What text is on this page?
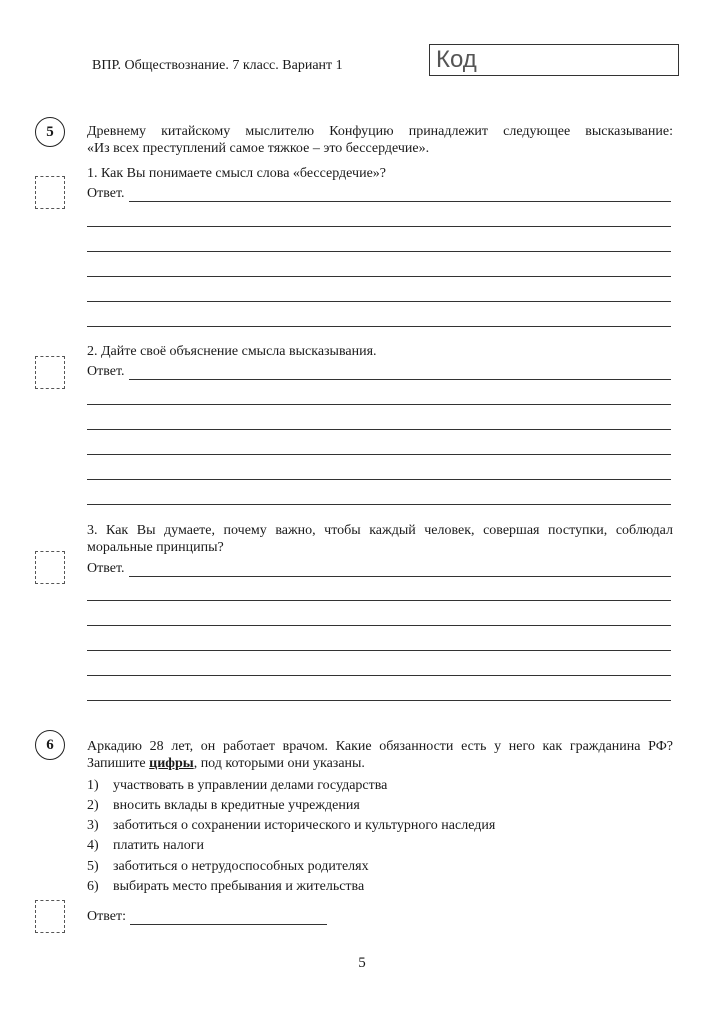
ВПР. Обществознание. 7 класс. Вариант 1	Код
5	Древнему китайскому мыслителю Конфуцию принадлежит следующее высказывание:
«Из всех преступлений самое тяжкое – это бессердечие».
1. Как Вы понимаете смысл слова «бессердечие»?
Ответ.
2. Дайте своё объяснение смысла высказывания.
Ответ.
3. Как Вы думаете, почему важно, чтобы каждый человек, совершая поступки, соблюдал
моральные принципы?
Ответ.
6	Аркадию 28 лет, он работает врачом. Какие обязанности есть у него как гражданина РФ?
Запишите цифры, под которыми они указаны.
1) участвовать в управлении делами государства
2) вносить вклады в кредитные учреждения
3) заботиться о сохранении исторического и культурного наследия
4) платить налоги
5) заботиться о нетрудоспособных родителях
6) выбирать место пребывания и жительства
Ответ:
5
